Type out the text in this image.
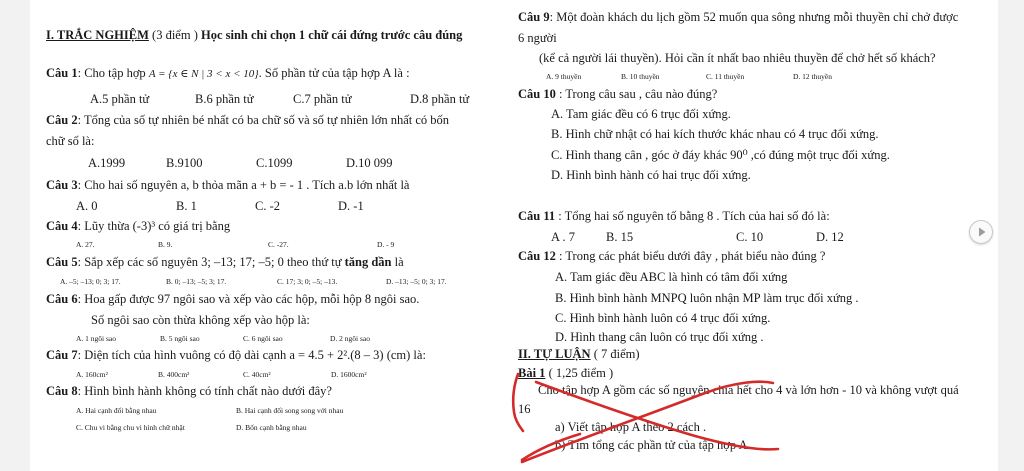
I. TRẮC NGHIỆM (3 điểm ) Học sinh chỉ chọn 1 chữ cái đứng trước câu đúng
Câu 1: Cho tập hợp A = {x ∈ N | 3 < x < 10}. Số phần tử của tập hợp A là :
A.5 phần tử	B.6 phần tử	C.7 phần tử	D.8 phần tử
Câu 2: Tổng của số tự nhiên bé nhất có ba chữ số và số tự nhiên lớn nhất có bốn
chữ số là:
A.1999	B.9100	C.1099	D.10 099
Câu 3: Cho hai số nguyên a, b thỏa mãn a + b = - 1 . Tích a.b lớn nhất là
A. 0	B. 1	C. -2	D. -1
Câu 4: Lũy thừa (-3)³ có giá trị bằng
A. 27.	B. 9.	C. -27.	D. - 9
Câu 5: Sắp xếp các số nguyên 3; –13; 17; –5; 0 theo thứ tự tăng dần là
A. –5; –13; 0; 3; 17.	B. 0; –13; –5; 3; 17.	C. 17; 3; 0; –5; –13.	D. –13; –5; 0; 3; 17.
Câu 6: Hoa gấp được 97 ngôi sao và xếp vào các hộp, mỗi hộp 8 ngôi sao.
Số ngôi sao còn thừa không xếp vào hộp là:
A. 1 ngôi sao	B. 5 ngôi sao	C. 6 ngôi sao	D. 2 ngôi sao
Câu 7: Diện tích của hình vuông có độ dài cạnh a = 4.5 + 2².(8 – 3) (cm) là:
A. 160cm²	B. 400cm²	C. 40cm²	D. 1600cm²
Câu 8: Hình bình hành không có tính chất nào dưới đây?
A. Hai cạnh đối bằng nhau	B. Hai cạnh đối song song với nhau
C. Chu vi bằng chu vi hình chữ nhật	D. Bốn cạnh bằng nhau
Câu 9: Một đoàn khách du lịch gồm 52 muốn qua sông nhưng mỗi thuyền chỉ chở được
6 người
(kể cả người lái thuyền). Hỏi cần ít nhất bao nhiêu thuyền để chở hết số khách?
A. 9 thuyền	B. 10 thuyền	C. 11 thuyền	D. 12 thuyền
Câu 10 : Trong câu sau , câu nào đúng?
A. Tam giác đều có 6 trục đối xứng.
B. Hình chữ nhật có hai kích thước khác nhau có 4 trục đối xứng.
C. Hình thang cân , góc ở đáy khác 90⁰ ,có đúng một trục đối xứng.
D. Hình bình hành có hai trục đối xứng.
Câu 11 : Tổng hai số nguyên tố bằng 8 . Tích của hai số đó là:
A . 7 B. 15	C. 10	D. 12
Câu 12 : Trong các phát biểu dưới đây , phát biểu nào đúng ?
A. Tam giác đều ABC là hình có tâm đối xứng
B. Hình bình hành MNPQ luôn nhận MP làm trục đối xứng .
C. Hình bình hành luôn có 4 trục đối xứng.
D. Hình thang cân luôn có trục đối xứng .
II. TỰ LUẬN ( 7 điểm)
Bài 1 ( 1,25 điểm )
Cho tập hợp A gồm các số nguyên chia hết cho 4 và lớn hơn - 10 và không vượt quá
16
a) Viết tập hợp A theo 2 cách .
b) Tìm tổng các phần tử của tập hợp A.
